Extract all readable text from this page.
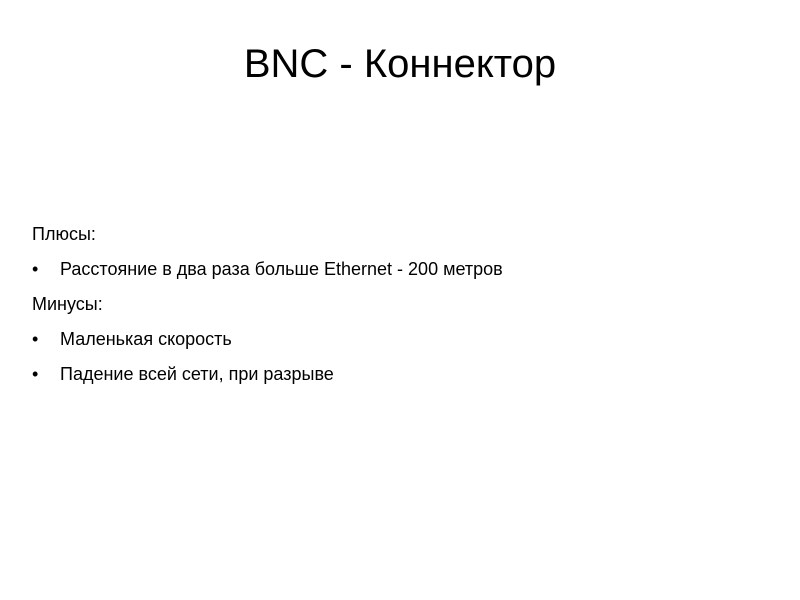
BNC - Коннектор
Плюсы:
•	Расстояние в два раза больше Ethernet - 200 метров
Минусы:
•	Маленькая скорость
•	Падение всей сети, при разрыве
